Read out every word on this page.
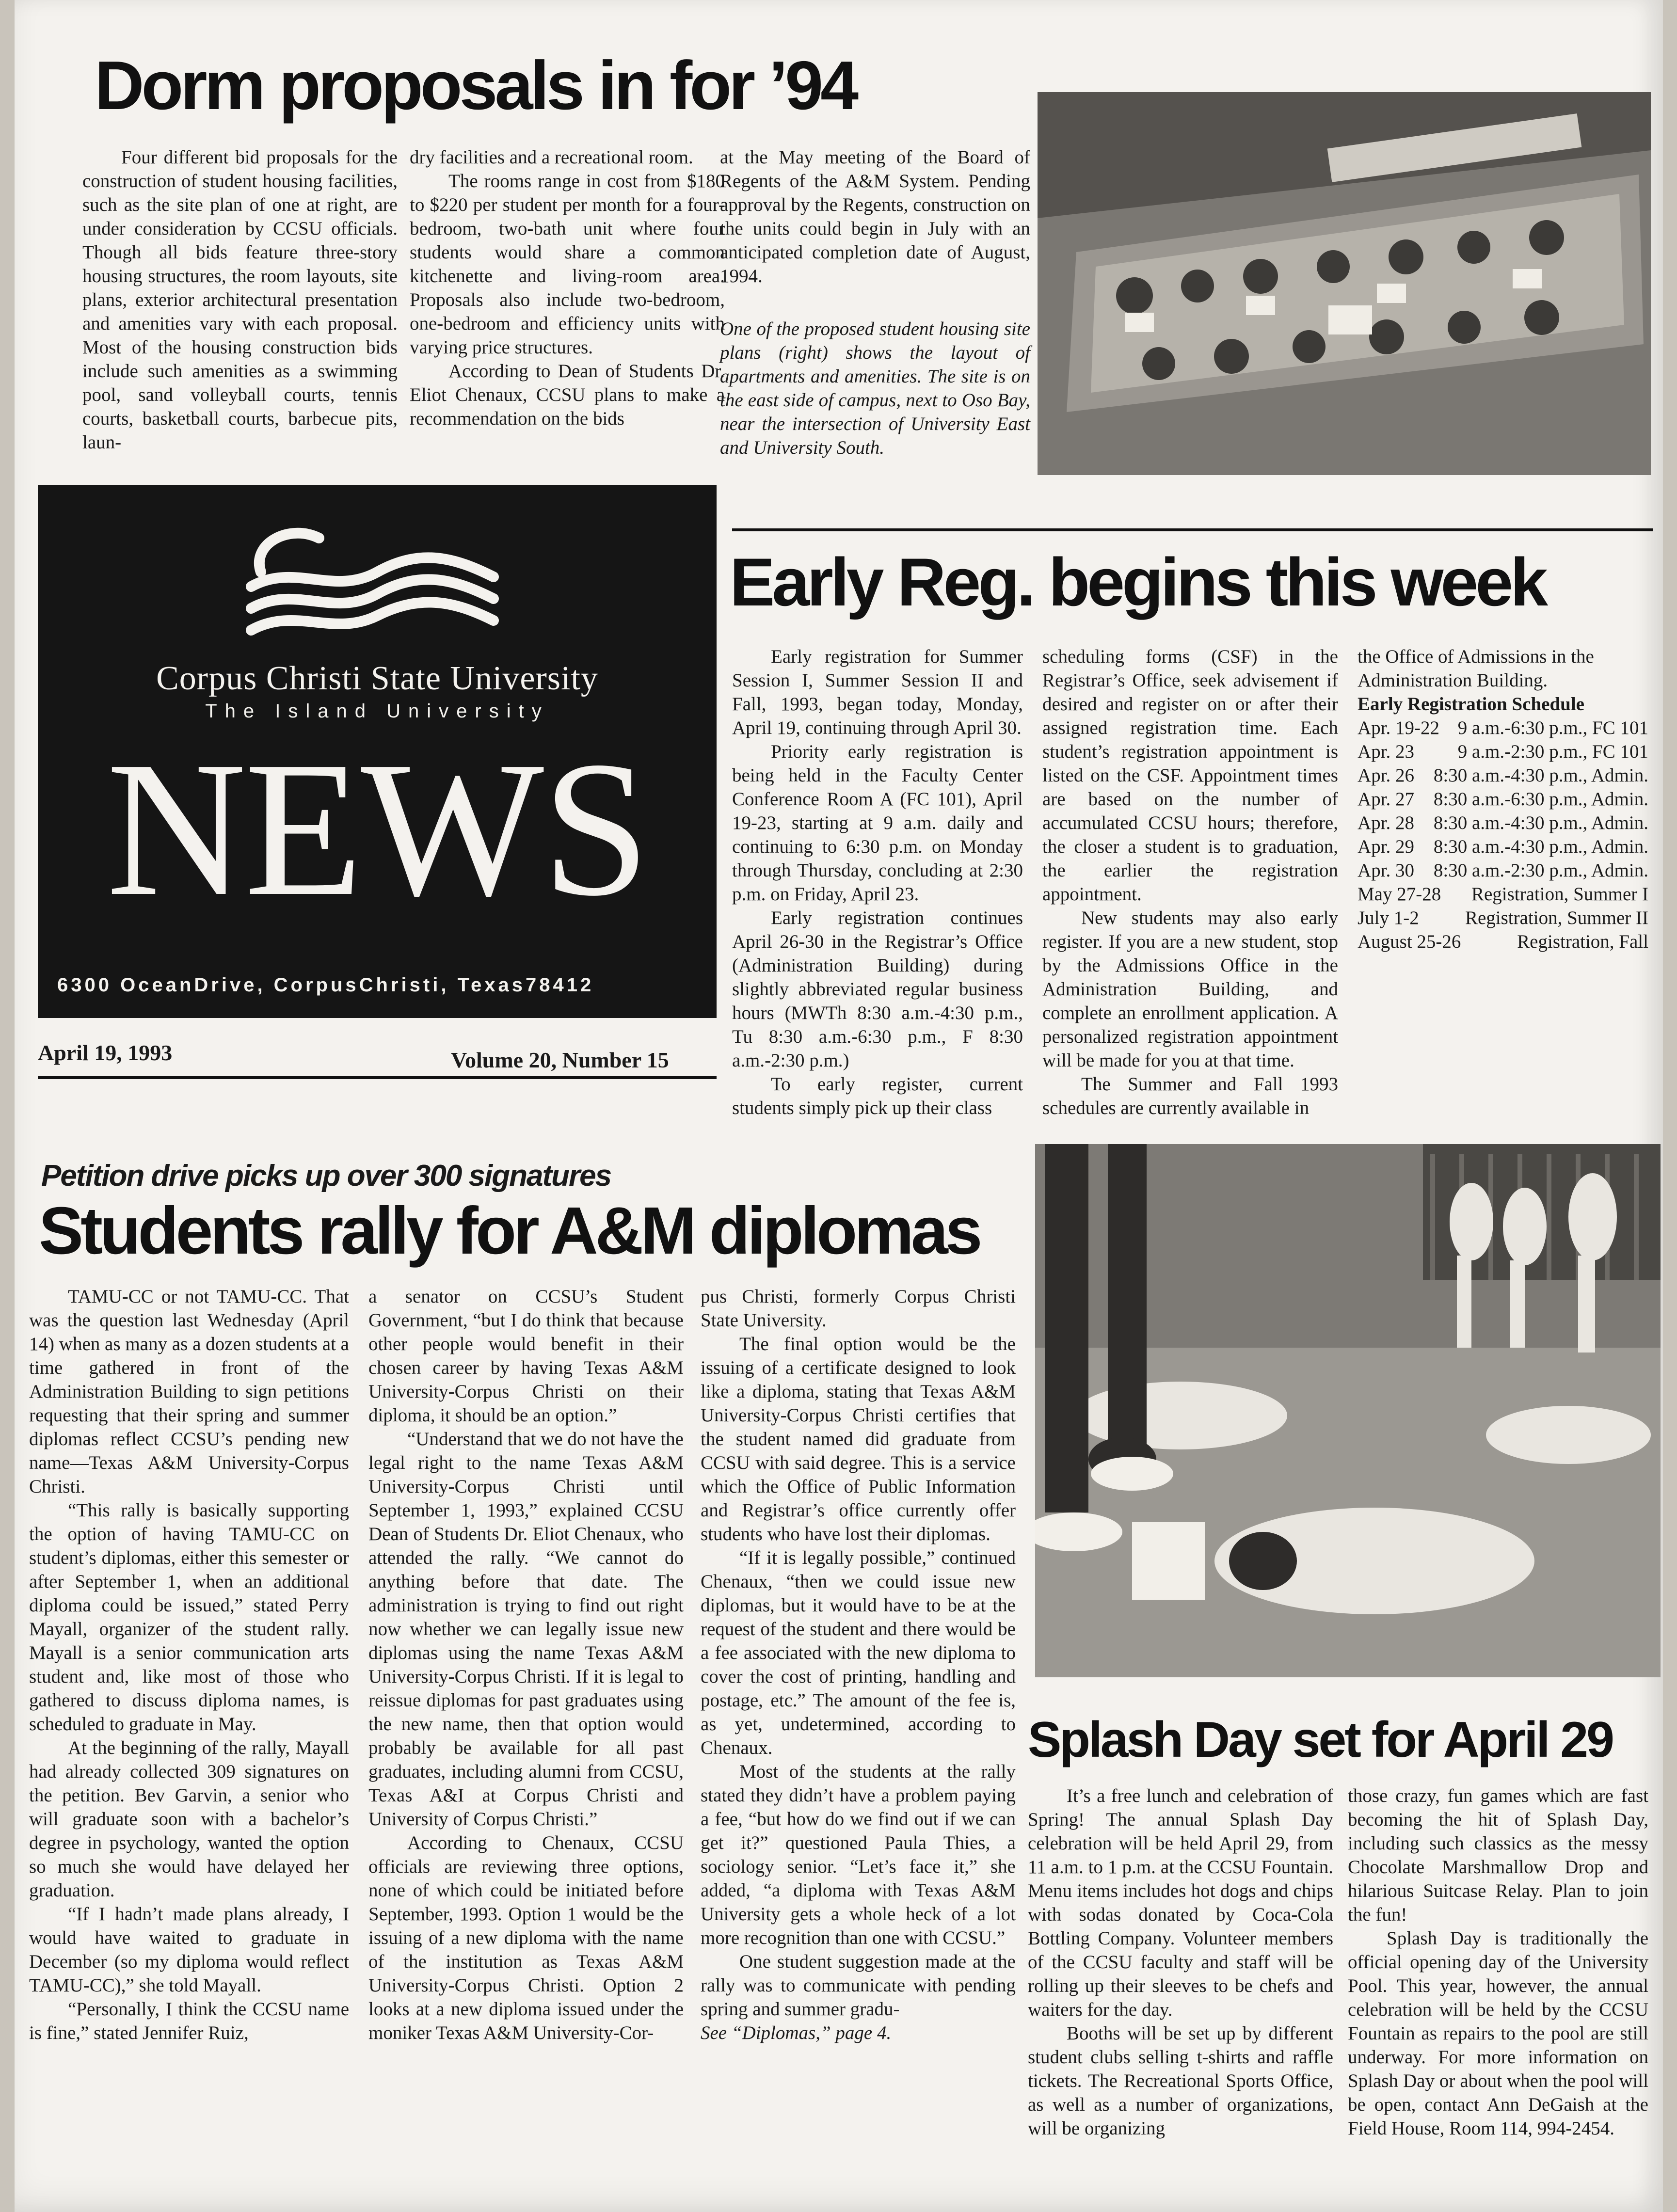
Dorm proposals in for ’94

Four different bid proposals for the construction of student housing facilities, such as the site plan of one at right, are under consideration by CCSU officials. Though all bids feature three-story housing structures, the room layouts, site plans, exterior architectural presentation and amenities vary with each proposal. Most of the housing construction bids include such amenities as a swimming pool, sand volleyball courts, tennis courts, basketball courts, barbecue pits, laun-

dry facilities and a recreational room.

The rooms range in cost from $180 to $220 per student per month for a four-bedroom, two-bath unit where four students would share a common kitchenette and living-room area. Proposals also include two-bedroom, one-bedroom and efficiency units with varying price structures.

According to Dean of Students Dr. Eliot Chenaux, CCSU plans to make a recommendation on the bids

at the May meeting of the Board of Regents of the A&M System. Pending approval by the Regents, construction on the units could begin in July with an anticipated completion date of August, 1994.

One of the proposed student housing site plans (right) shows the layout of apartments and amenities. The site is on the east side of campus, next to Oso Bay, near the intersection of University East and University South.

Corpus Christi State University
The Island University
NEWS
6300 OceanDrive, CorpusChristi, Texas78412
April 19, 1993	Volume 20, Number 15
Early Reg. begins this week

Early registration for Summer Session I, Summer Session II and Fall, 1993, began today, Monday, April 19, continuing through April 30.

Priority early registration is being held in the Faculty Center Conference Room A (FC 101), April 19-23, starting at 9 a.m. daily and continuing to 6:30 p.m. on Monday through Thursday, concluding at 2:30 p.m. on Friday, April 23.

Early registration continues April 26-30 in the Registrar’s Office (Administration Building) during slightly abbreviated regular business hours (MWTh 8:30 a.m.-4:30 p.m., Tu 8:30 a.m.-6:30 p.m., F 8:30 a.m.-2:30 p.m.)

To early register, current students simply pick up their class

scheduling forms (CSF) in the Registrar’s Office, seek advisement if desired and register on or after their assigned registration time. Each student’s registration appointment is listed on the CSF. Appointment times are based on the number of accumulated CCSU hours; therefore, the closer a student is to graduation, the earlier the registration appointment.

New students may also early register. If you are a new student, stop by the Admissions Office in the Administration Building, and complete an enrollment application. A personalized registration appointment will be made for you at that time.

The Summer and Fall 1993 schedules are currently available in

the Office of Admissions in the Administration Building.

Early Registration Schedule

Apr. 19-22
9 a.m.-6:30 p.m., FC 101
Apr. 23
9 a.m.-2:30 p.m., FC 101
Apr. 26
8:30 a.m.-4:30 p.m., Admin.
Apr. 27
8:30 a.m.-6:30 p.m., Admin.
Apr. 28
8:30 a.m.-4:30 p.m., Admin.
Apr. 29
8:30 a.m.-4:30 p.m., Admin.
Apr. 30
8:30 a.m.-2:30 p.m., Admin.
May 27-28
Registration, Summer I
July 1-2
Registration, Summer II
August 25-26
	Registration, Fall
Petition drive picks up over 300 signatures
Students rally for A&M diplomas

TAMU-CC or not TAMU-CC. That was the question last Wednesday (April 14) when as many as a dozen students at a time gathered in front of the Administration Building to sign petitions requesting that their spring and summer diplomas reflect CCSU’s pending new name—Texas A&M University-Corpus Christi.

“This rally is basically supporting the option of having TAMU-CC on student’s diplomas, either this semester or after September 1, when an additional diploma could be issued,” stated Perry Mayall, organizer of the student rally. Mayall is a senior communication arts student and, like most of those who gathered to discuss diploma names, is scheduled to graduate in May.

At the beginning of the rally, Mayall had already collected 309 signatures on the petition. Bev Garvin, a senior who will graduate soon with a bachelor’s degree in psychology, wanted the option so much she would have delayed her graduation.

“If I hadn’t made plans already, I would have waited to graduate in December (so my diploma would reflect TAMU-CC),” she told Mayall.

“Personally, I think the CCSU name is fine,” stated Jennifer Ruiz,

a senator on CCSU’s Student Government, “but I do think that because other people would benefit in their chosen career by having Texas A&M University-Corpus Christi on their diploma, it should be an option.”

“Understand that we do not have the legal right to the name Texas A&M University-Corpus Christi until September 1, 1993,” explained CCSU Dean of Students Dr. Eliot Chenaux, who attended the rally. “We cannot do anything before that date. The administration is trying to find out right now whether we can legally issue new diplomas using the name Texas A&M University-Corpus Christi. If it is legal to reissue diplomas for past graduates using the new name, then that option would probably be available for all past graduates, including alumni from CCSU, Texas A&I at Corpus Christi and University of Corpus Christi.”

According to Chenaux, CCSU officials are reviewing three options, none of which could be initiated before September, 1993. Option 1 would be the issuing of a new diploma with the name of the institution as Texas A&M University-Corpus Christi. Option 2 looks at a new diploma issued under the moniker Texas A&M University-Cor-

pus Christi, formerly Corpus Christi State University.

The final option would be the issuing of a certificate designed to look like a diploma, stating that Texas A&M University-Corpus Christi certifies that the student named did graduate from CCSU with said degree. This is a service which the Office of Public Information and Registrar’s office currently offer students who have lost their diplomas.

“If it is legally possible,” continued Chenaux, “then we could issue new diplomas, but it would have to be at the request of the student and there would be a fee associated with the new diploma to cover the cost of printing, handling and postage, etc.” The amount of the fee is, as yet, undetermined, according to Chenaux.

Most of the students at the rally stated they didn’t have a problem paying a fee, “but how do we find out if we can get it?” questioned Paula Thies, a sociology senior. “Let’s face it,” she added, “a diploma with Texas A&M University gets a whole heck of a lot more recognition than one with CCSU.”

One student suggestion made at the rally was to communicate with pending spring and summer gradu-

See “Diplomas,” page 4.

Splash Day set for April 29

It’s a free lunch and celebration of Spring! The annual Splash Day celebration will be held April 29, from 11 a.m. to 1 p.m. at the CCSU Fountain. Menu items includes hot dogs and chips with sodas donated by Coca-Cola Bottling Company. Volunteer members of the CCSU faculty and staff will be rolling up their sleeves to be chefs and waiters for the day.

Booths will be set up by different student clubs selling t-shirts and raffle tickets. The Recreational Sports Office, as well as a number of organizations, will be organizing

those crazy, fun games which are fast becoming the hit of Splash Day, including such classics as the messy Chocolate Marshmallow Drop and hilarious Suitcase Relay. Plan to join the fun!

Splash Day is traditionally the official opening day of the University Pool. This year, however, the annual celebration will be held by the CCSU Fountain as repairs to the pool are still underway. For more information on Splash Day or about when the pool will be open, contact Ann DeGaish at the Field House, Room 114, 994-2454.
